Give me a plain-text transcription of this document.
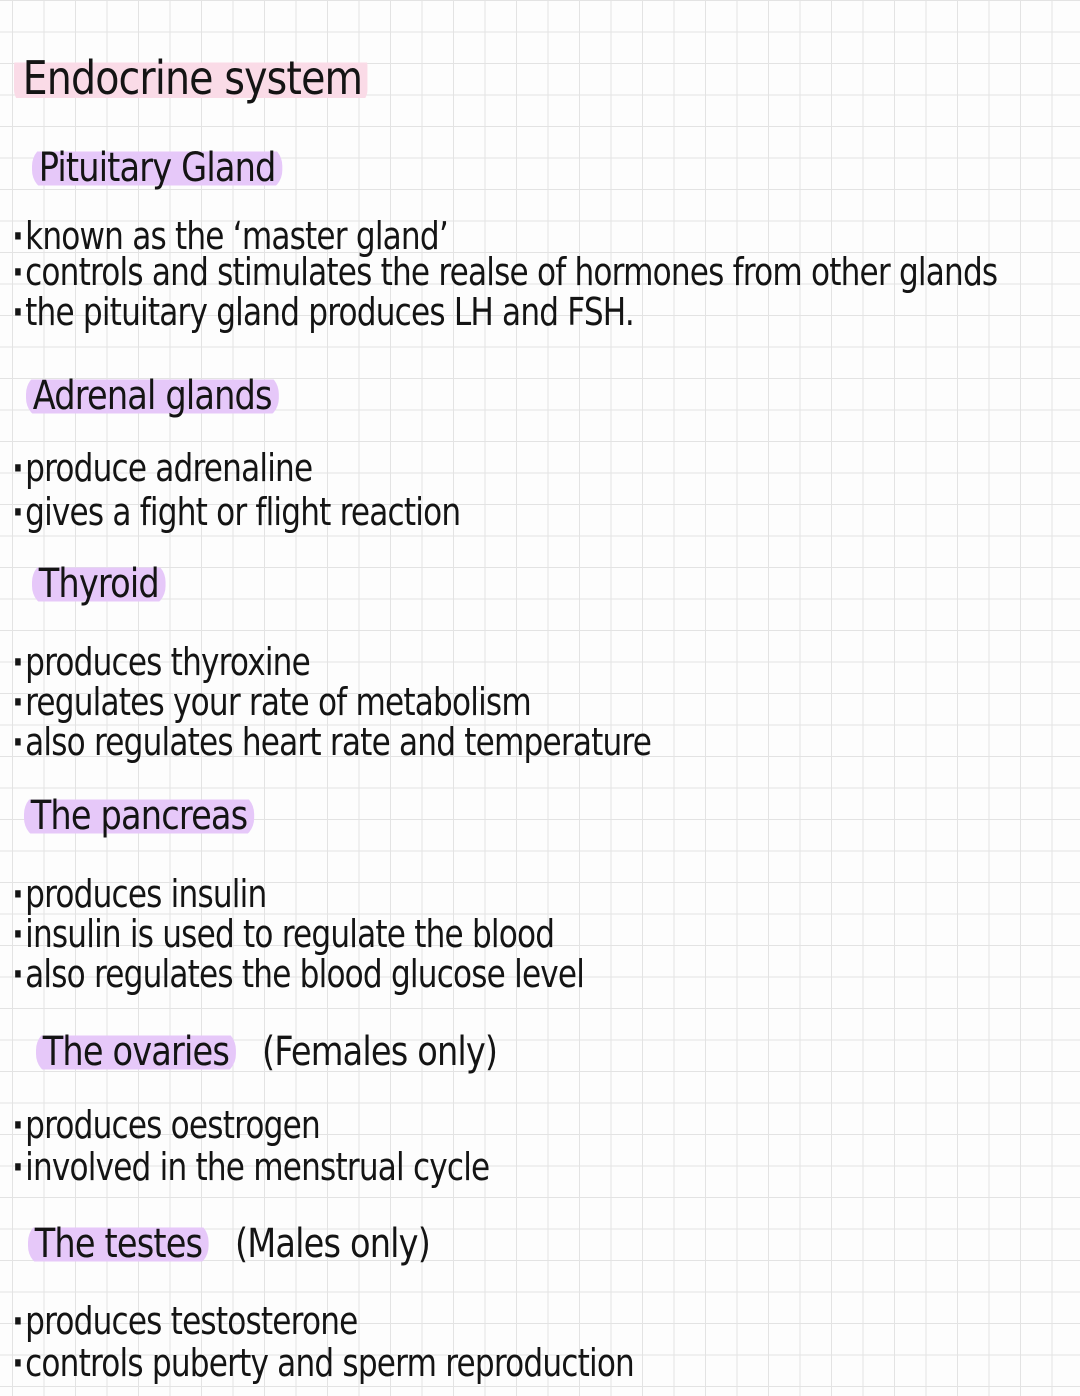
Endocrine system
Pituitary Gland
·known as the ‘master gland’
·controls and stimulates the realse of hormones from other glands
·the pituitary gland produces LH and FSH.
Adrenal glands
·produce adrenaline
·gives a fight or flight reaction
Thyroid
·produces thyroxine
·regulates your rate of metabolism
·also regulates heart rate and temperature
The pancreas
·produces insulin
·insulin is used to regulate the blood
·also regulates the blood glucose level
The ovaries (Females only)
·produces oestrogen
·involved in the menstrual cycle
The testes (Males only)
·produces testosterone
·controls puberty and sperm reproduction
